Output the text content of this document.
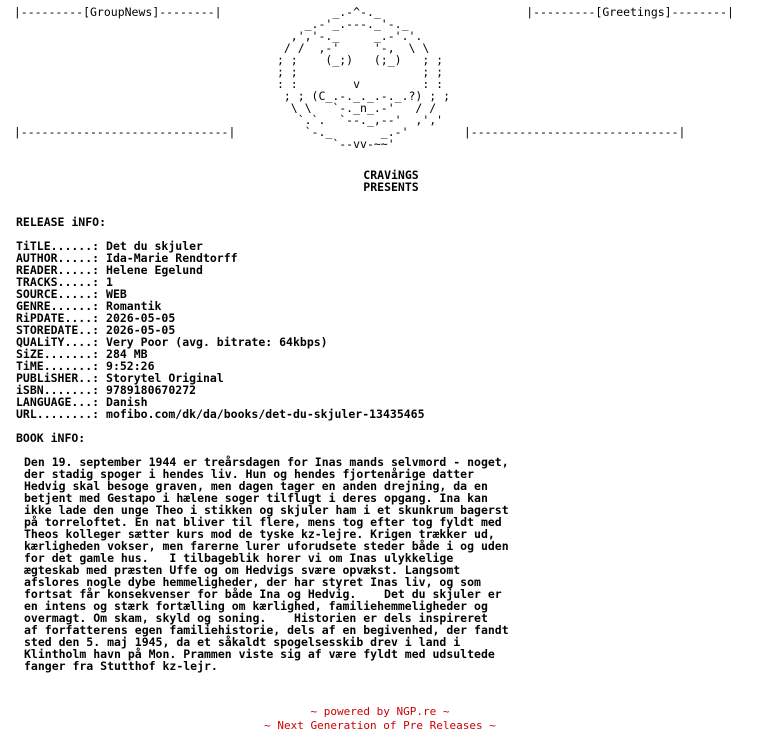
|---------[GroupNews]--------|                _.-^-._                     |---------[Greetings]--------|
_.-'_.---._'-._
,','-._     _.-'.'.
/ /  ,-'     '-,  \ \
; ;    (_;)   (;_)   ; ;
; ;                  ; ;
: :        v         : :
; ; (C_.-._._.-._.?) ; ;
\ \   `-._n_.-'   / /
`.`.  `--._,--'  ,','
|------------------------------|          `-._       _.-'        |------------------------------|
`--vv-~~'
CRAViNGS
PRESENTS
RELEASE iNFO:
TiTLE......: Det du skjuler
AUTHOR.....: Ida-Marie Rendtorff
READER.....: Helene Egelund
TRACKS.....: 1
SOURCE.....: WEB
GENRE......: Romantik
RiPDATE....: 2026-05-05
STOREDATE..: 2026-05-05
QUALiTY....: Very Poor (avg. bitrate: 64kbps)
SiZE.......: 284 MB
TiME.......: 9:52:26
PUBLiSHER..: Storytel Original
iSBN.......: 9789180670272
LANGUAGE...: Danish
URL........: mofibo.com/dk/da/books/det-du-skjuler-13435465
BOOK iNFO:
Den 19. september 1944 er treårsdagen for Inas mands selvmord - noget,
der stadig spoger i hendes liv. Hun og hendes fjortenårige datter
Hedvig skal besoge graven, men dagen tager en anden drejning, da en
betjent med Gestapo i hælene soger tilflugt i deres opgang. Ina kan
ikke lade den unge Theo i stikken og skjuler ham i et skunkrum bagerst
på torreloftet. En nat bliver til flere, mens tog efter tog fyldt med
Theos kolleger sætter kurs mod de tyske kz-lejre. Krigen trækker ud,
kærligheden vokser, men farerne lurer uforudsete steder både i og uden
for det gamle hus.   I tilbageblik horer vi om Inas ulykkelige
ægteskab med præsten Uffe og om Hedvigs svære opvækst. Langsomt
afslores nogle dybe hemmeligheder, der har styret Inas liv, og som
fortsat får konsekvenser for både Ina og Hedvig.    Det du skjuler er
en intens og stærk fortælling om kærlighed, familiehemmeligheder og
overmagt. Om skam, skyld og soning.    Historien er dels inspireret
af forfatterens egen familiehistorie, dels af en begivenhed, der fandt
sted den 5. maj 1945, da et såkaldt spogelsesskib drev i land i
Klintholm havn på Mon. Prammen viste sig af være fyldt med udsultede
fanger fra Stutthof kz-lejr.
~ powered by NGP.re ~
~ Next Generation of Pre Releases ~
